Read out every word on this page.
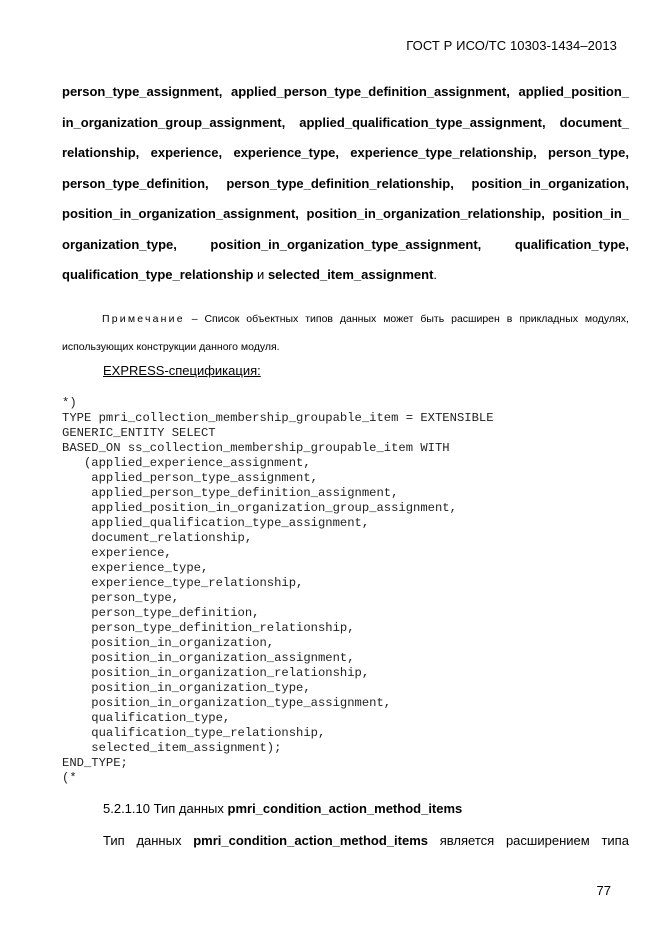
ГОСТ Р ИСО/ТС 10303-1434–2013
person_type_assignment, applied_person_type_definition_assignment, applied_position_
in_organization_group_assignment, applied_qualification_type_assignment, document_
relationship, experience, experience_type, experience_type_relationship, person_type,
person_type_definition, person_type_definition_relationship, position_in_organization,
position_in_organization_assignment, position_in_organization_relationship, position_in_
organization_type,	position_in_organization_type_assignment,	qualification_type,
qualification_type_relationship и selected_item_assignment .
Примечание – Список объектных типов данных может быть расширен в прикладных модулях,
использующих конструкции данного модуля.
EXPRESS-спецификация:
*)
TYPE pmri_collection_membership_groupable_item = EXTENSIBLE
GENERIC_ENTITY SELECT
BASED_ON ss_collection_membership_groupable_item WITH
(applied_experience_assignment,
applied_person_type_assignment,
applied_person_type_definition_assignment,
applied_position_in_organization_group_assignment,
applied_qualification_type_assignment,
document_relationship,
experience,
experience_type,
experience_type_relationship,
person_type,
person_type_definition,
person_type_definition_relationship,
position_in_organization,
position_in_organization_assignment,
position_in_organization_relationship,
position_in_organization_type,
position_in_organization_type_assignment,
qualification_type,
qualification_type_relationship,
selected_item_assignment);
END_TYPE;
(*
5.2.1.10 Тип данных pmri_condition_action_method_items
Тип данных pmri_condition_action_method_items является расширением типа
77
